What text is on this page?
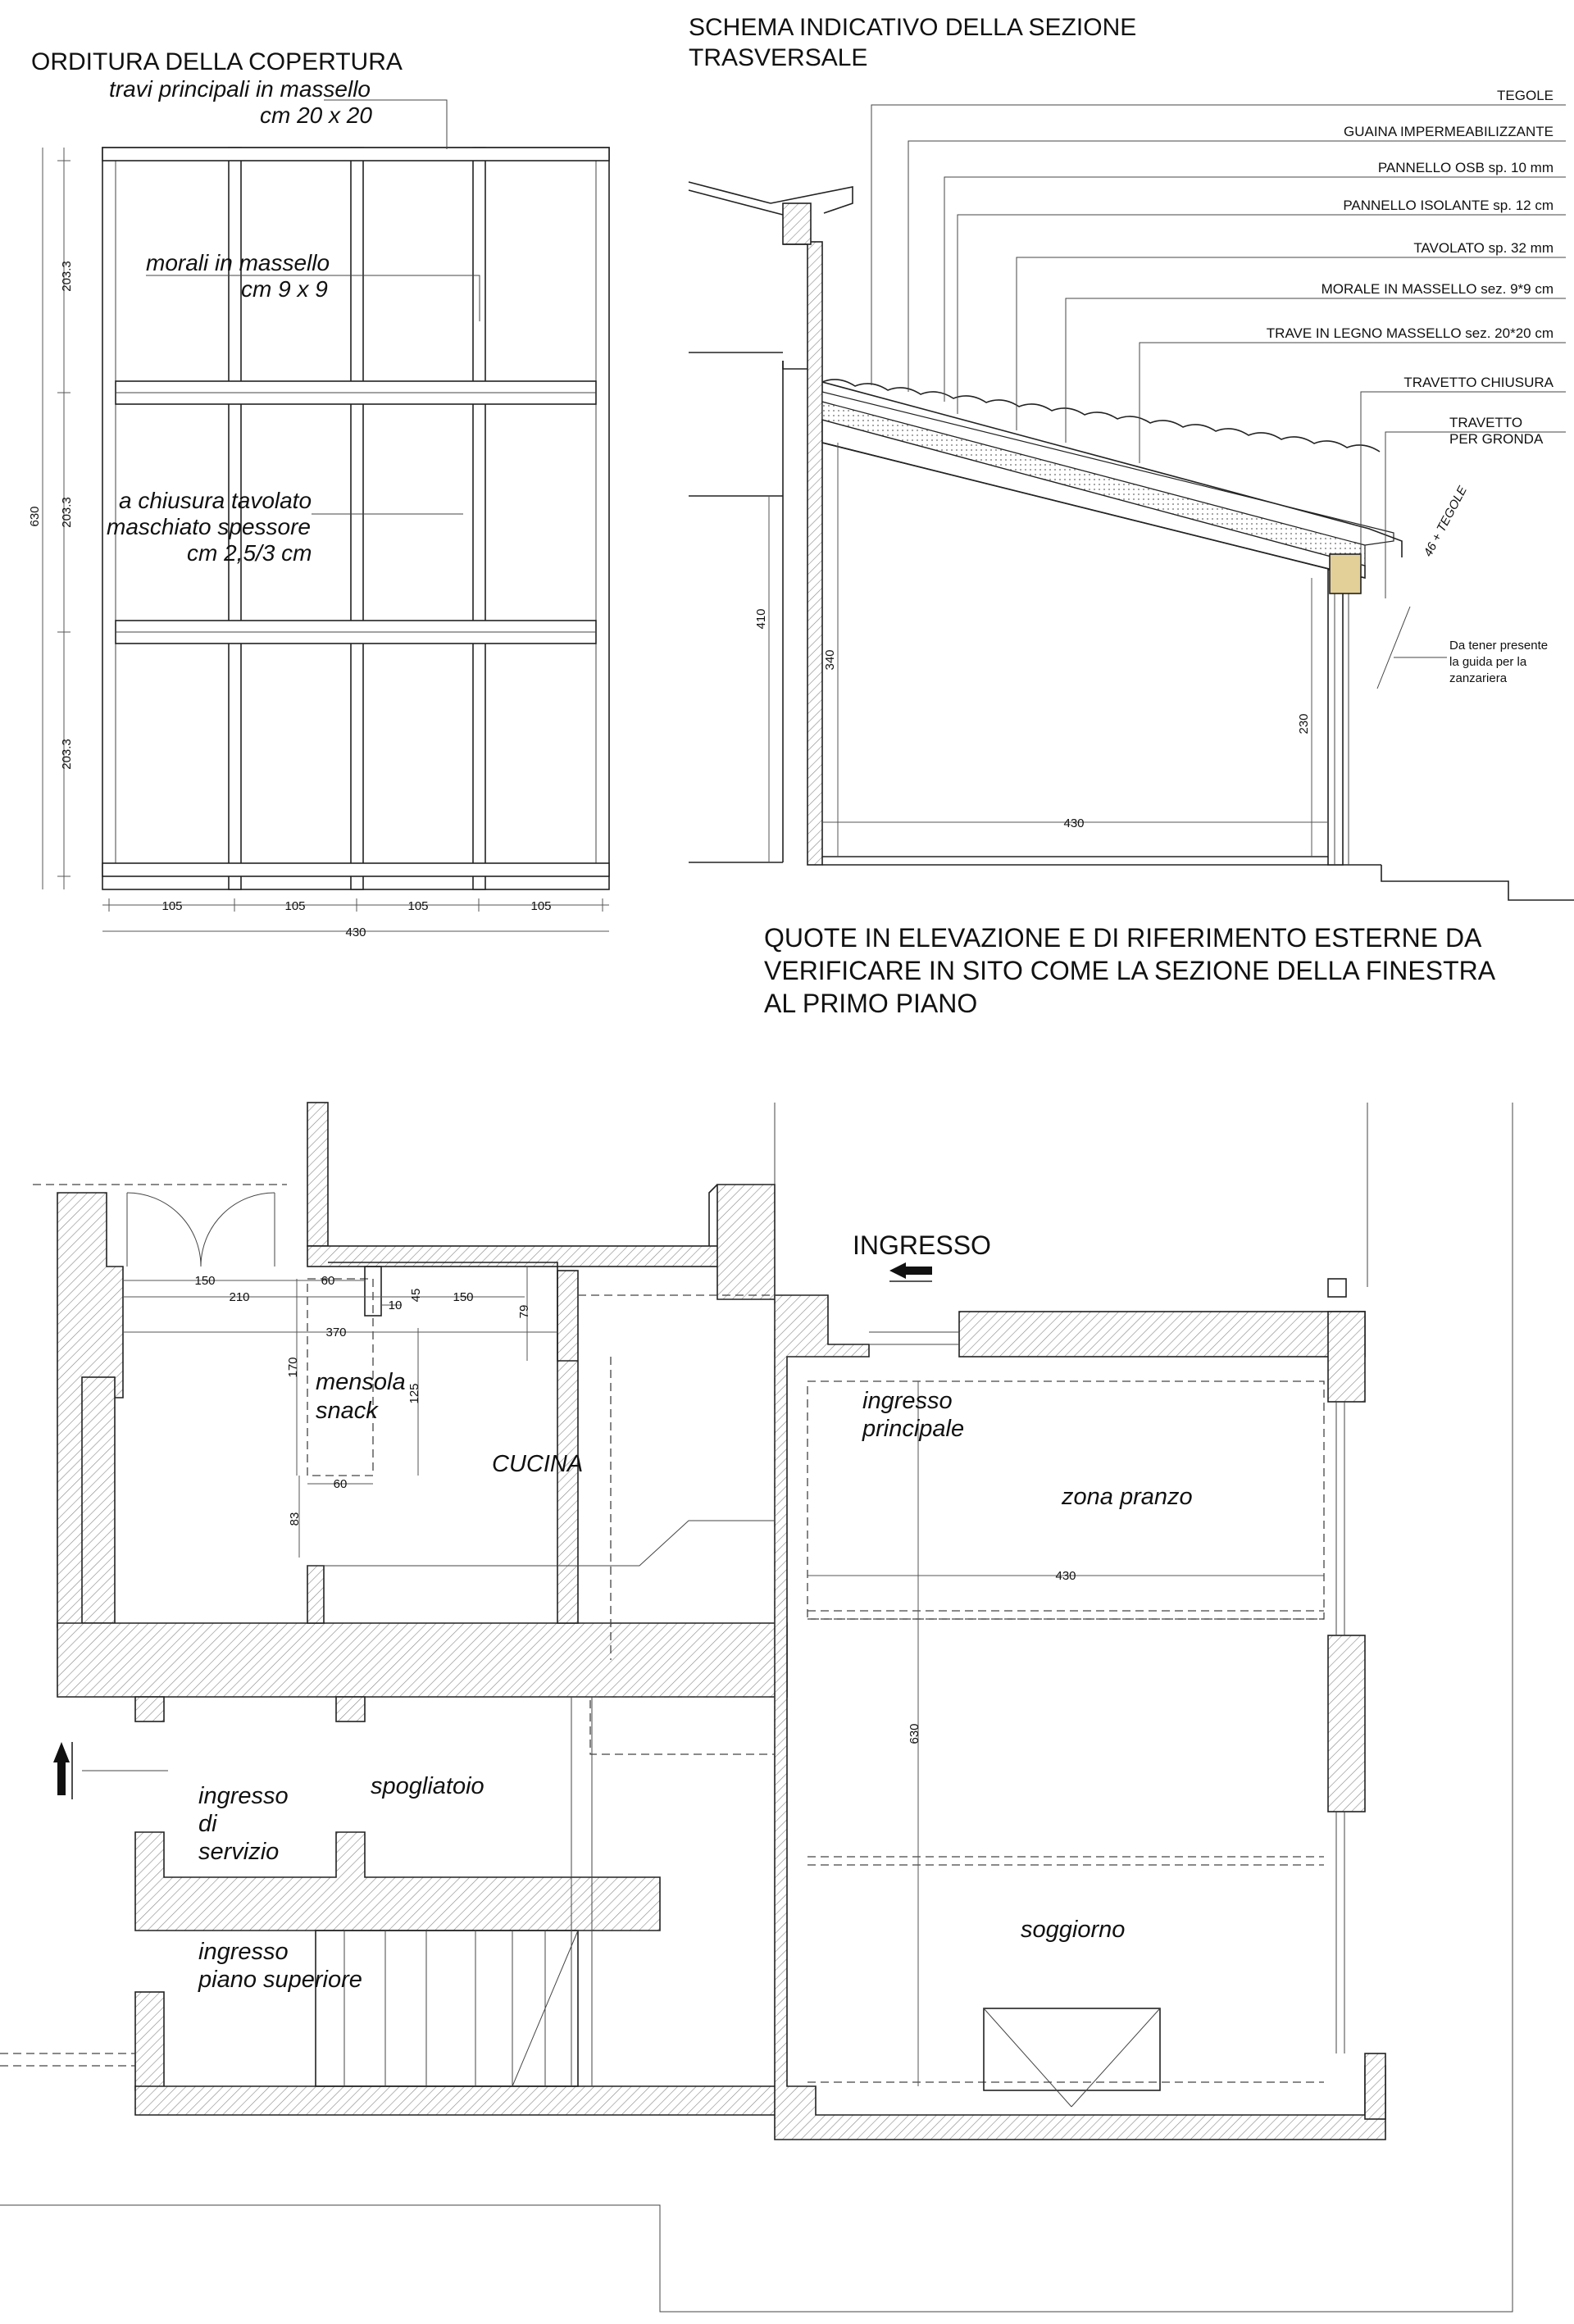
ORDITURA DELLA COPERTURA
travi principali in massello
cm 20 x 20
morali in massello
cm 9 x 9
a chiusura tavolato
maschiato spessore
cm 2,5/3 cm
630
203.3
203.3
203.3
105	105	105	105
430
SCHEMA INDICATIVO DELLA SEZIONE
TRASVERSALE
TEGOLE
GUAINA IMPERMEABILIZZANTE
PANNELLO OSB sp. 10 mm
PANNELLO ISOLANTE sp. 12 cm
TAVOLATO sp. 32 mm
MORALE IN MASSELLO sez. 9*9 cm
TRAVE IN LEGNO MASSELLO sez. 20*20 cm
TRAVETTO CHIUSURA
TRAVETTO
PER GRONDA
46 + TEGOLE
Da tener presente
la guida per la
zanzariera
410
340
230
430
QUOTE IN ELEVAZIONE E DI RIFERIMENTO ESTERNE DA
VERIFICARE IN SITO COME LA SEZIONE DELLA FINESTRA
AL PRIMO PIANO
150	60
45 150
210
10	79
370
170
125
60
83
430
630
INGRESSO
CUCINA
mensola
snack	ingresso
principale
zona pranzo
spogliatoio
ingresso
di
servizio
ingresso
piano superiore
soggiorno
